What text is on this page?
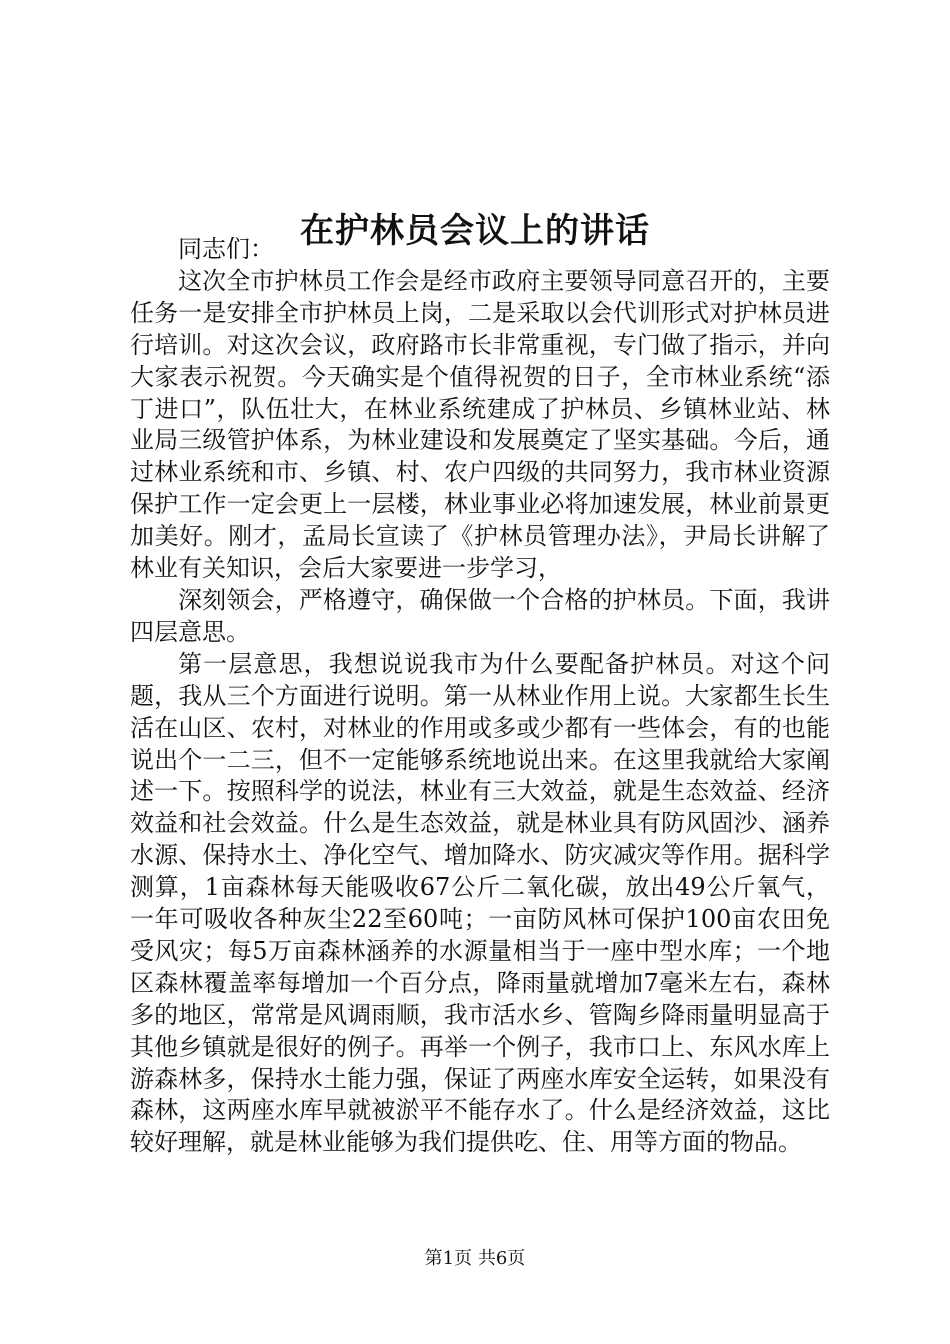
在护林员会议上的讲话

同志们：

这次全市护林员工作会是经市政府主要领导同意召开的，主要任务一是安排全市护林员上岗，二是采取以会代训形式对护林员进行培训。对这次会议，政府路市长非常重视，专门做了指示，并向大家表示祝贺。今天确实是个值得祝贺的日子，全市林业系统“添丁进口”，队伍壮大，在林业系统建成了护林员、乡镇林业站、林业局三级管护体系，为林业建设和发展奠定了坚实基础。今后，通过林业系统和市、乡镇、村、农户四级的共同努力，我市林业资源保护工作一定会更上一层楼，林业事业必将加速发展，林业前景更加美好。刚才，孟局长宣读了《护林员管理办法》，尹局长讲解了林业有关知识，会后大家要进一步学习，

深刻领会，严格遵守，确保做一个合格的护林员。下面，我讲四层意思。

第一层意思，我想说说我市为什么要配备护林员。对这个问题，我从三个方面进行说明。第一从林业作用上说。大家都生长生活在山区、农村，对林业的作用或多或少都有一些体会，有的也能说出个一二三，但不一定能够系统地说出来。在这里我就给大家阐述一下。按照科学的说法，林业有三大效益，就是生态效益、经济效益和社会效益。什么是生态效益，就是林业具有防风固沙、涵养水源、保持水土、净化空气、增加降水、防灾减灾等作用。据科学测算，1亩森林每天能吸收67公斤二氧化碳，放出49公斤氧气，一年可吸收各种灰尘22至60吨；一亩防风林可保护100亩农田免受风灾；每5万亩森林涵养的水源量相当于一座中型水库；一个地区森林覆盖率每增加一个百分点，降雨量就增加7毫米左右，森林多的地区，常常是风调雨顺，我市活水乡、管陶乡降雨量明显高于其他乡镇就是很好的例子。再举一个例子，我市口上、东风水库上游森林多，保持水土能力强，保证了两座水库安全运转，如果没有森林，这两座水库早就被淤平不能存水了。什么是经济效益，这比较好理解，就是林业能够为我们提供吃、住、用等方面的物品。

第1页 共6页
